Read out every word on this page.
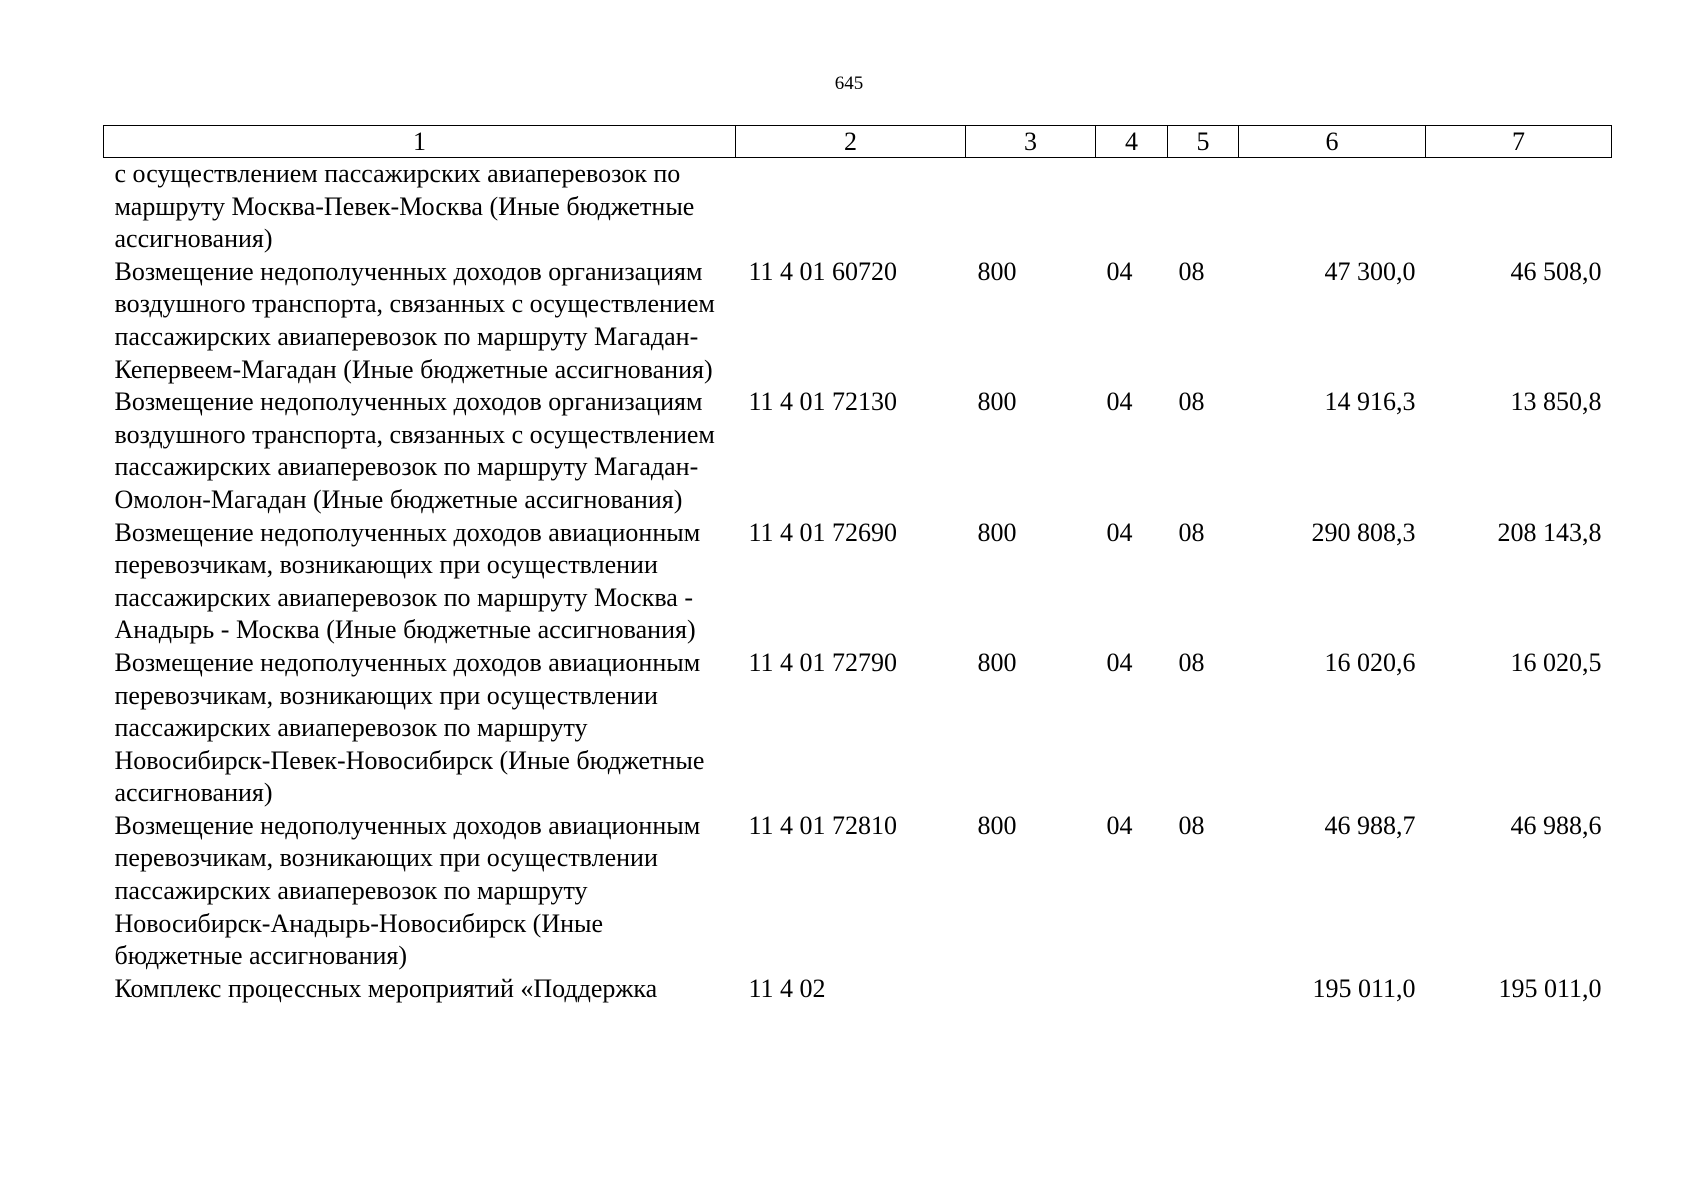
645
1	2	3	4	5	6	7
с осуществлением пассажирских авиаперевозок по маршруту Москва-Певек-Москва (Иные бюджетные ассигнования)						
Возмещение недополученных доходов организациям воздушного транспорта, связанных с осуществлением пассажирских авиаперевозок по маршруту Магадан-Кепервеем-Магадан (Иные бюджетные ассигнования)	11 4 01 60720	800	04	08	47 300,0	46 508,0
Возмещение недополученных доходов организациям воздушного транспорта, связанных с осуществлением пассажирских авиаперевозок по маршруту Магадан-Омолон-Магадан (Иные бюджетные ассигнования)	11 4 01 72130	800	04	08	14 916,3	13 850,8
Возмещение недополученных доходов авиационным перевозчикам, возникающих при осуществлении пассажирских авиаперевозок по маршруту Москва - Анадырь - Москва (Иные бюджетные ассигнования)	11 4 01 72690	800	04	08	290 808,3	208 143,8
Возмещение недополученных доходов авиационным перевозчикам, возникающих при осуществлении пассажирских авиаперевозок по маршруту Новосибирск-Певек-Новосибирск (Иные бюджетные ассигнования)	11 4 01 72790	800	04	08	16 020,6	16 020,5
Возмещение недополученных доходов авиационным перевозчикам, возникающих при осуществлении пассажирских авиаперевозок по маршруту Новосибирск-Анадырь-Новосибирск (Иные бюджетные ассигнования)	11 4 01 72810	800	04	08	46 988,7	46 988,6
Комплекс процессных мероприятий «Поддержка	11 4 02				195 011,0	195 011,0
